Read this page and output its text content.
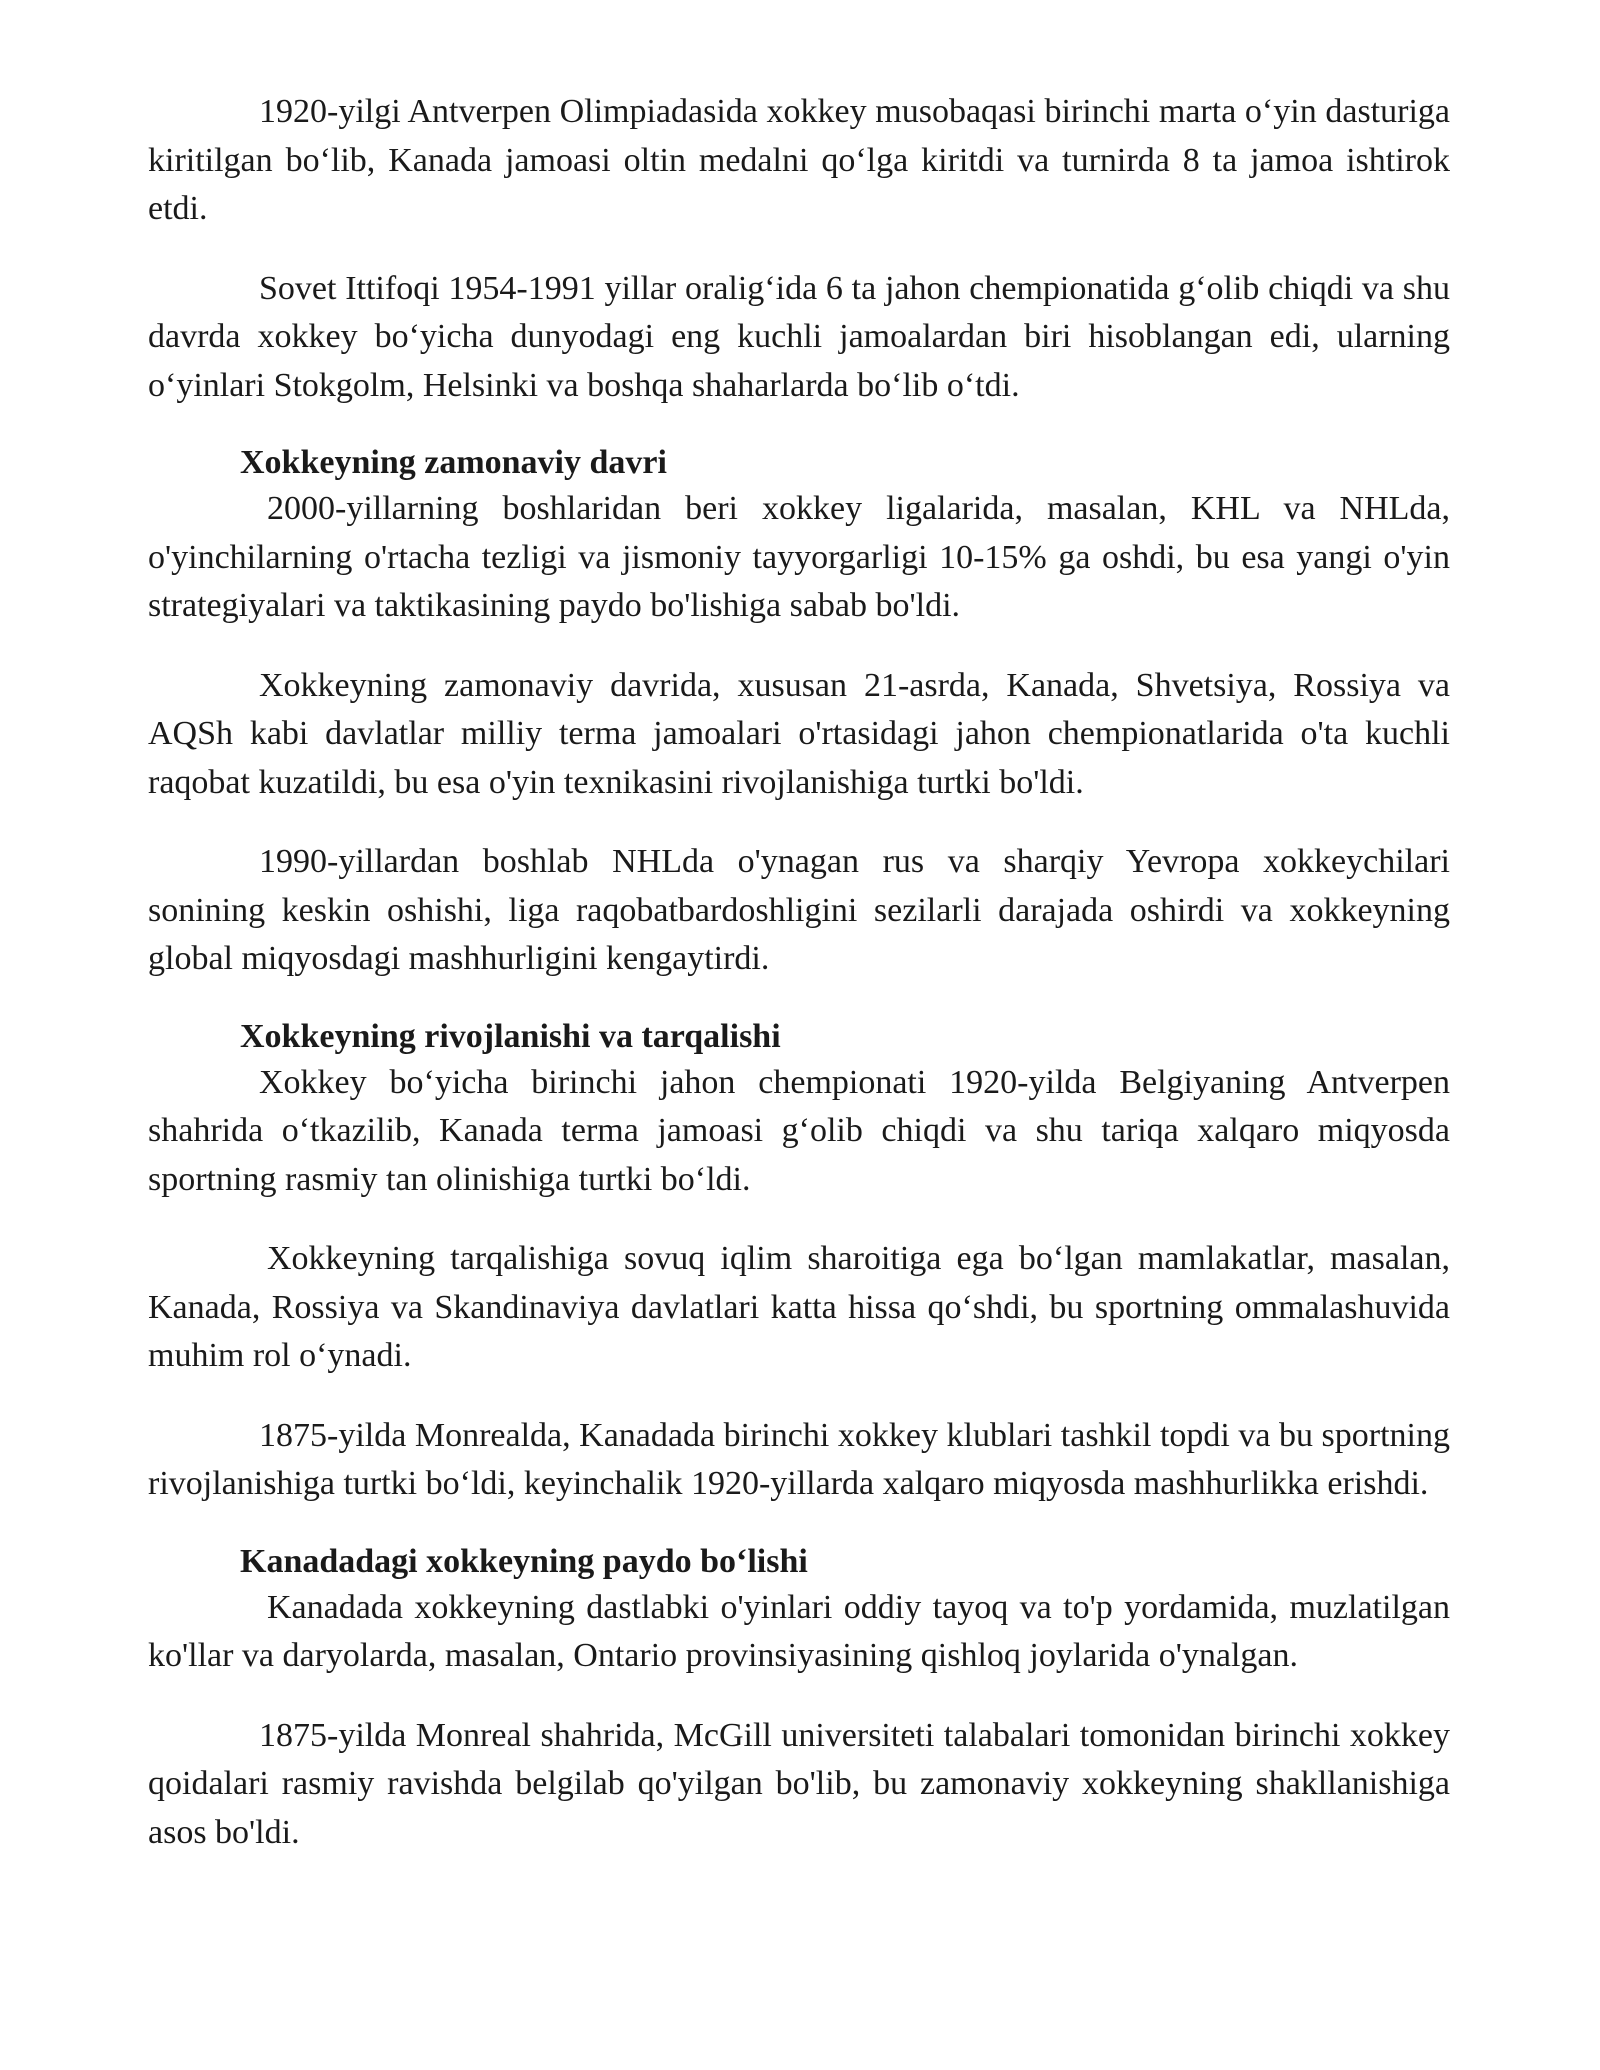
1920-yilgi Antverpen Olimpiadasida xokkey musobaqasi birinchi marta oʻyin dasturiga kiritilgan boʻlib, Kanada jamoasi oltin medalni qoʻlga kiritdi va turnirda 8 ta jamoa ishtirok etdi.

Sovet Ittifoqi 1954-1991 yillar oraligʻida 6 ta jahon chempionatida gʻolib chiqdi va shu davrda xokkey boʻyicha dunyodagi eng kuchli jamoalardan biri hisoblangan edi, ularning oʻyinlari Stokgolm, Helsinki va boshqa shaharlarda boʻlib oʻtdi.

Xokkeyning zamonaviy davri

2000-yillarning boshlaridan beri xokkey ligalarida, masalan, KHL va NHLda, o'yinchilarning o'rtacha tezligi va jismoniy tayyorgarligi 10-15% ga oshdi, bu esa yangi o'yin strategiyalari va taktikasining paydo bo'lishiga sabab bo'ldi.

Xokkeyning zamonaviy davrida, xususan 21-asrda, Kanada, Shvetsiya, Rossiya va AQSh kabi davlatlar milliy terma jamoalari o'rtasidagi jahon chempionatlarida o'ta kuchli raqobat kuzatildi, bu esa o'yin texnikasini rivojlanishiga turtki bo'ldi.

1990-yillardan boshlab NHLda o'ynagan rus va sharqiy Yevropa xokkeychilari sonining keskin oshishi, liga raqobatbardoshligini sezilarli darajada oshirdi va xokkeyning global miqyosdagi mashhurligini kengaytirdi.

Xokkeyning rivojlanishi va tarqalishi

Xokkey boʻyicha birinchi jahon chempionati 1920-yilda Belgiyaning Antverpen shahrida oʻtkazilib, Kanada terma jamoasi gʻolib chiqdi va shu tariqa xalqaro miqyosda sportning rasmiy tan olinishiga turtki boʻldi.

Xokkeyning tarqalishiga sovuq iqlim sharoitiga ega boʻlgan mamlakatlar, masalan, Kanada, Rossiya va Skandinaviya davlatlari katta hissa qoʻshdi, bu sportning ommalashuvida muhim rol oʻynadi.

1875-yilda Monrealda, Kanadada birinchi xokkey klublari tashkil topdi va bu sportning rivojlanishiga turtki boʻldi, keyinchalik 1920-yillarda xalqaro miqyosda mashhurlikka erishdi.

Kanadadagi xokkeyning paydo boʻlishi

Kanadada xokkeyning dastlabki o'yinlari oddiy tayoq va to'p yordamida, muzlatilgan ko'llar va daryolarda, masalan, Ontario provinsiyasining qishloq joylarida o'ynalgan.

1875-yilda Monreal shahrida, McGill universiteti talabalari tomonidan birinchi xokkey qoidalari rasmiy ravishda belgilab qo'yilgan bo'lib, bu zamonaviy xokkeyning shakllanishiga asos bo'ldi.
